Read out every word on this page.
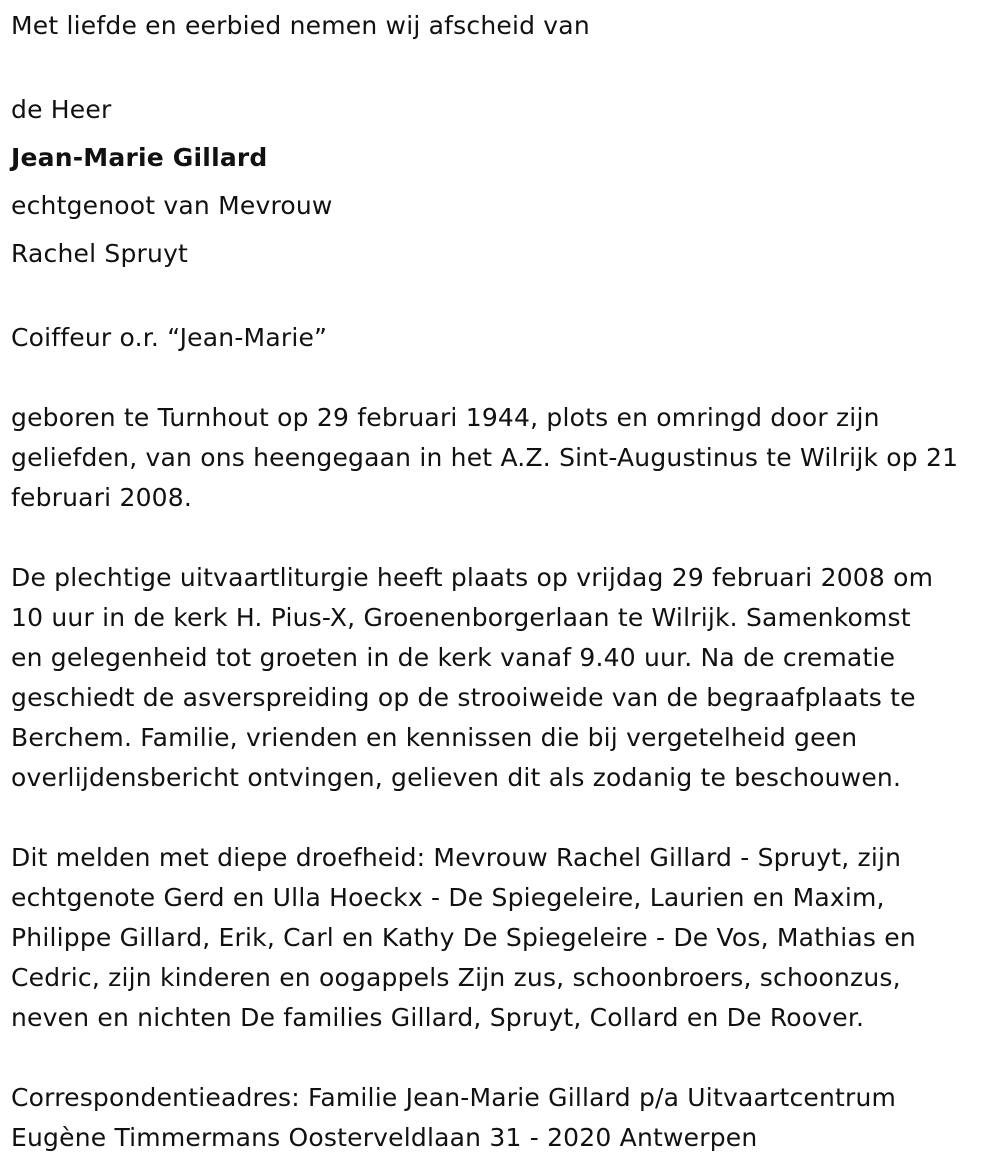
Met liefde en eerbied nemen wij afscheid van

de Heer

Jean-Marie Gillard

echtgenoot van Mevrouw

Rachel Spruyt

Coiffeur o.r. “Jean-Marie”

geboren te Turnhout op 29 februari 1944, plots en omringd door zijn

geliefden, van ons heengegaan in het A.Z. Sint-Augustinus te Wilrijk op 21

februari 2008.

De plechtige uitvaartliturgie heeft plaats op vrijdag 29 februari 2008 om

10 uur in de kerk H. Pius-X, Groenenborgerlaan te Wilrijk. Samenkomst

en gelegenheid tot groeten in de kerk vanaf 9.40 uur. Na de crematie

geschiedt de asverspreiding op de strooiweide van de begraafplaats te

Berchem. Familie, vrienden en kennissen die bij vergetelheid geen

overlijdensbericht ontvingen, gelieven dit als zodanig te beschouwen.

Dit melden met diepe droefheid: Mevrouw Rachel Gillard - Spruyt, zijn

echtgenote Gerd en Ulla Hoeckx - De Spiegeleire, Laurien en Maxim,

Philippe Gillard, Erik, Carl en Kathy De Spiegeleire - De Vos, Mathias en

Cedric, zijn kinderen en oogappels Zijn zus, schoonbroers, schoonzus,

neven en nichten De families Gillard, Spruyt, Collard en De Roover.

Correspondentieadres: Familie Jean-Marie Gillard p/a Uitvaartcentrum

Eugène Timmermans Oosterveldlaan 31 - 2020 Antwerpen
